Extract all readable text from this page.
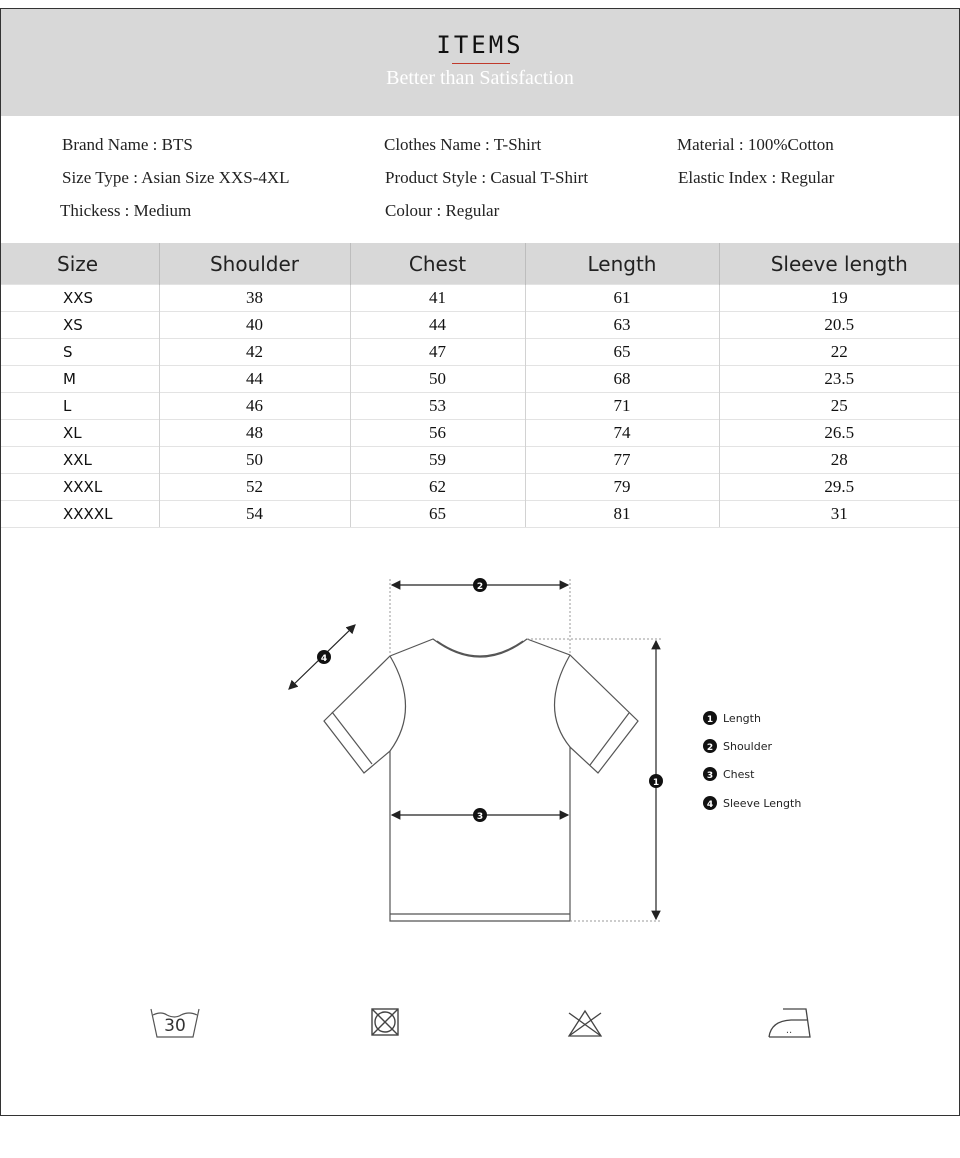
ITEMS
Better than Satisfaction
Brand Name : BTS	Clothes Name : T-Shirt	Material : 100%Cotton
Size Type : Asian Size XXS-4XL	Product Style : Casual T-Shirt	Elastic Index : Regular
Thickess : Medium	Colour : Regular
Size	Shoulder	Chest	Length	Sleeve length
XXS	38	41	61	19
XS	40	44	63	20.5
S	42	47	65	22
M	44	50	68	23.5
L	46	53	71	25
XL	48	56	74	26.5
XXL	50	59	77	28
XXXL	52	62	79	29.5
XXXXL	54	65	81	31
2
3
1
4
1 Length
2 Shoulder
3 Chest
4 Sleeve Length
30	..
